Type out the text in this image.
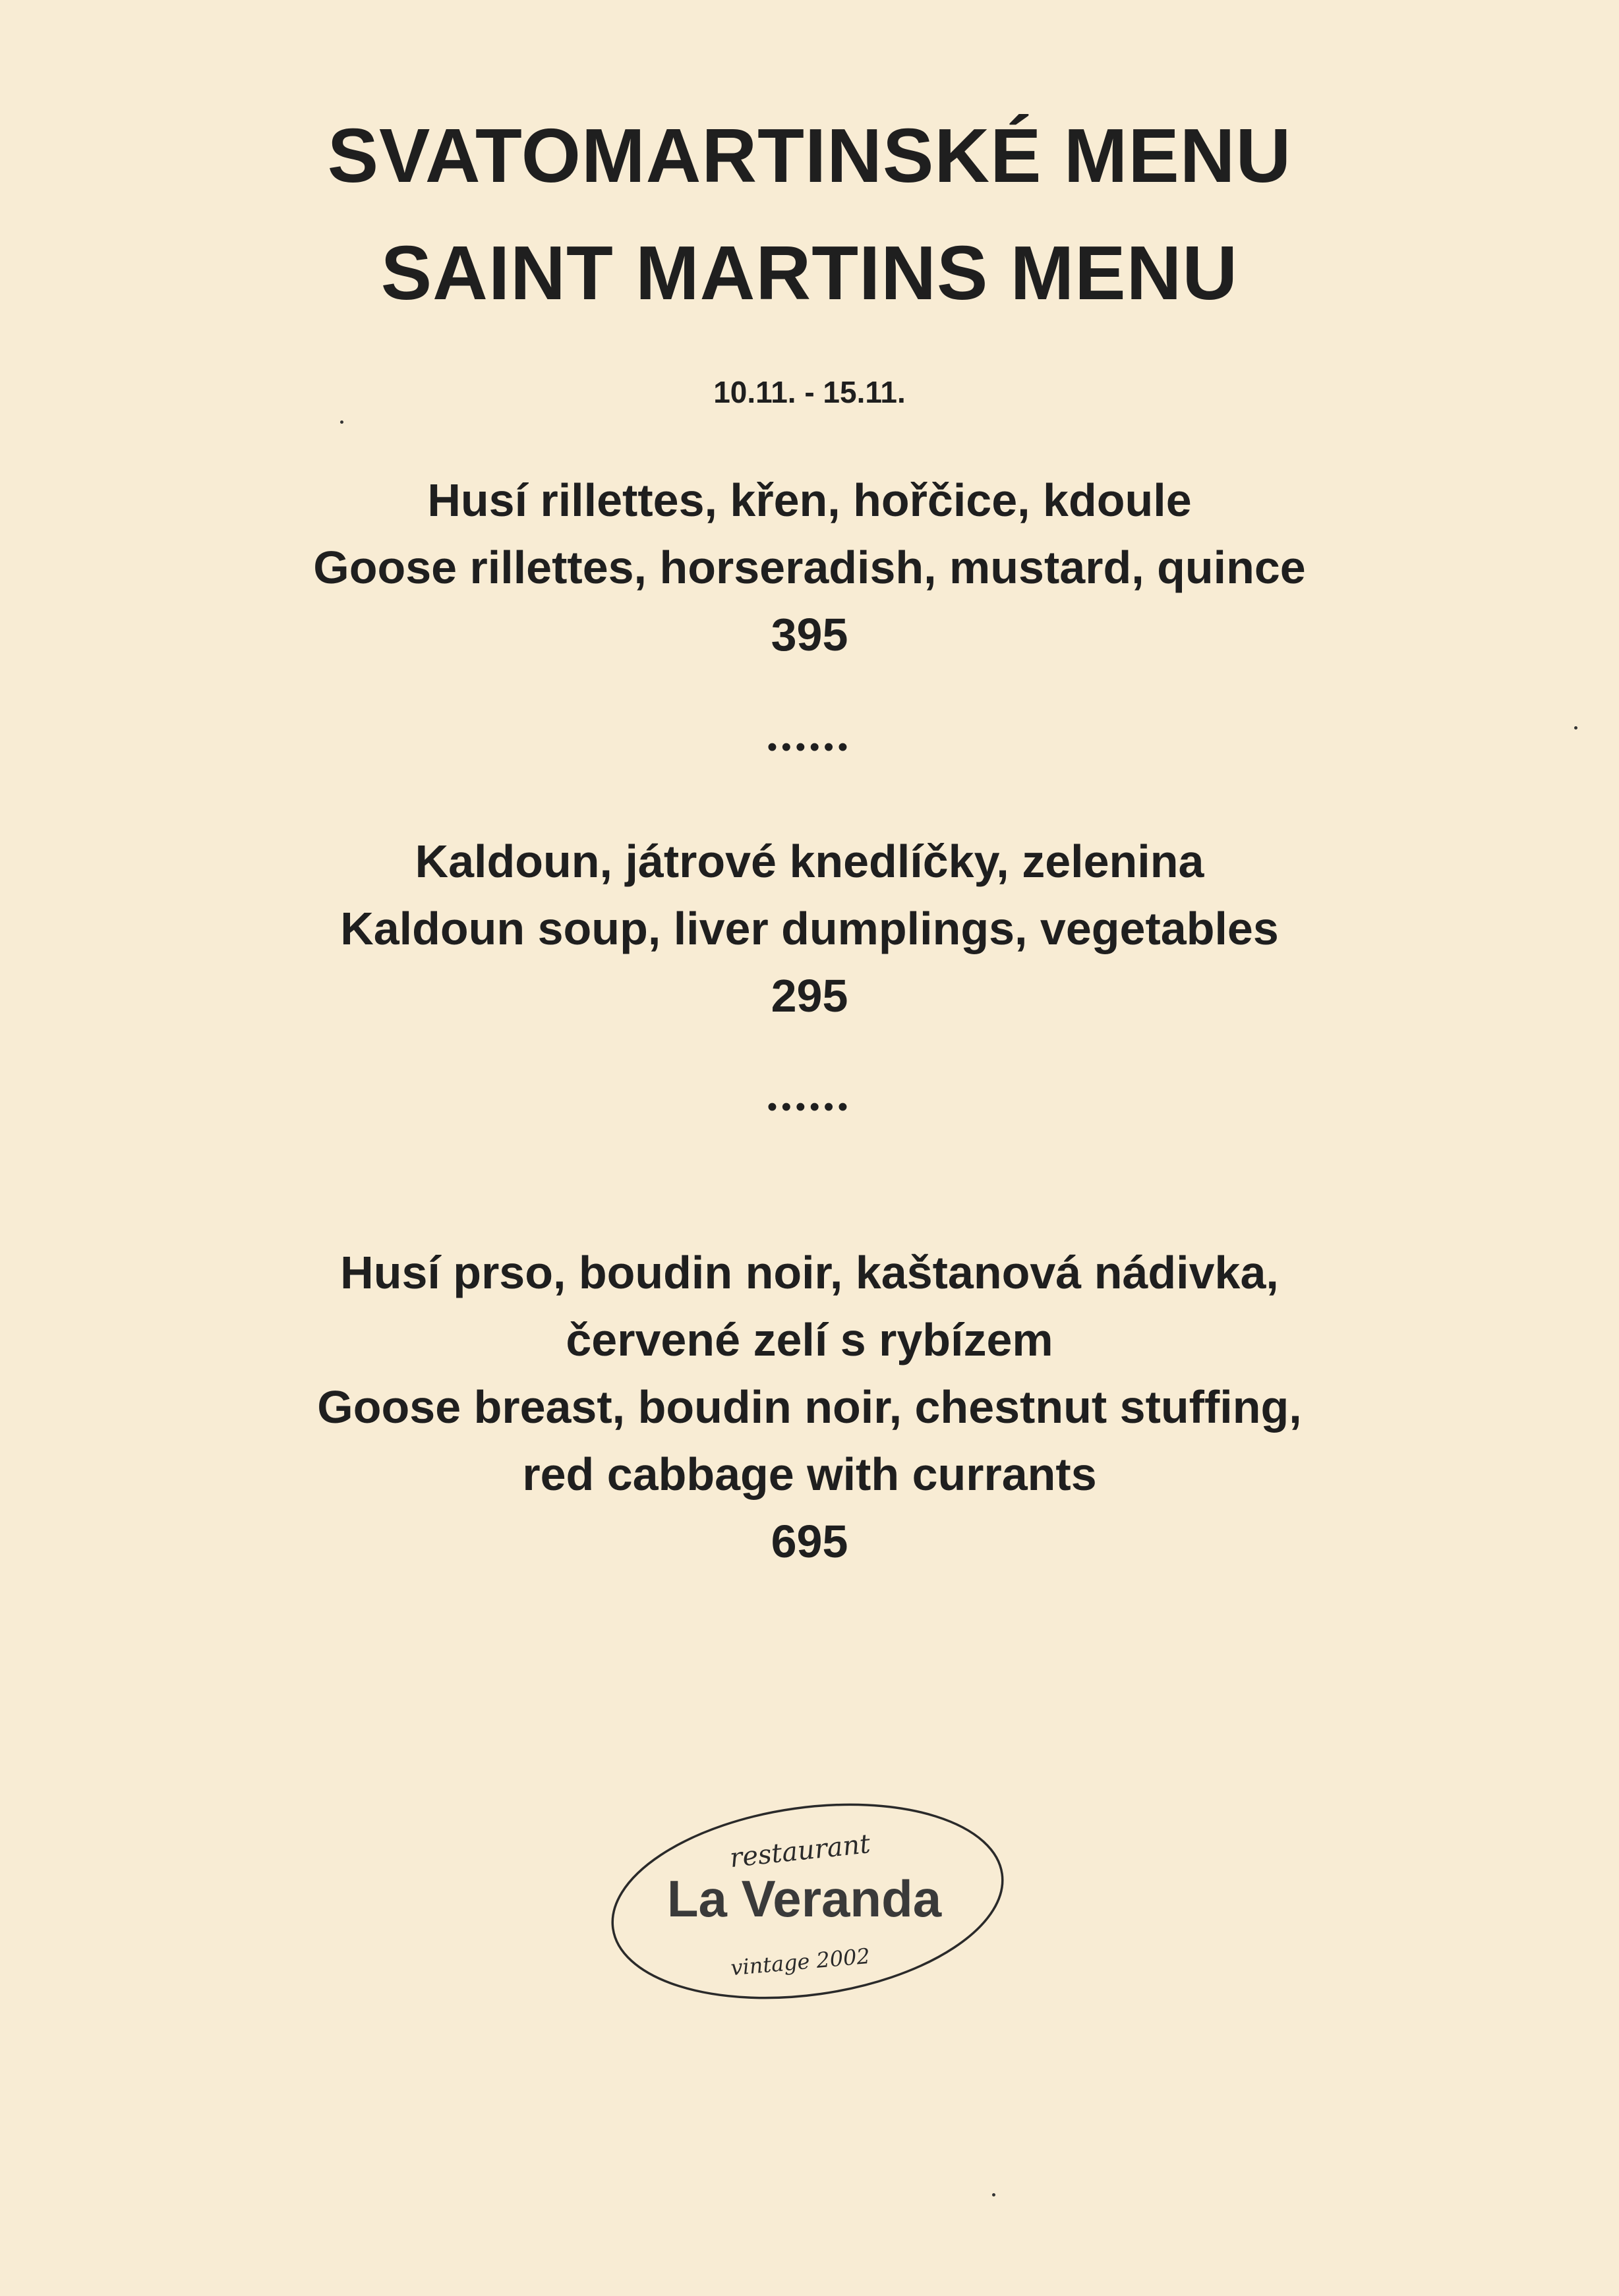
SVATOMARTINSKÉ MENU
SAINT MARTINS MENU
10.11. - 15.11.
Husí rillettes, křen, hořčice, kdoule
Goose rillettes, horseradish, mustard, quince
395
••••••
Kaldoun, játrové knedlíčky, zelenina
Kaldoun soup, liver dumplings, vegetables
295
••••••
Husí prso, boudin noir, kaštanová nádivka,
červené zelí s rybízem
Goose breast, boudin noir, chestnut stuffing,
red cabbage with currants
695
restaurant
La Veranda
vintage 2002
